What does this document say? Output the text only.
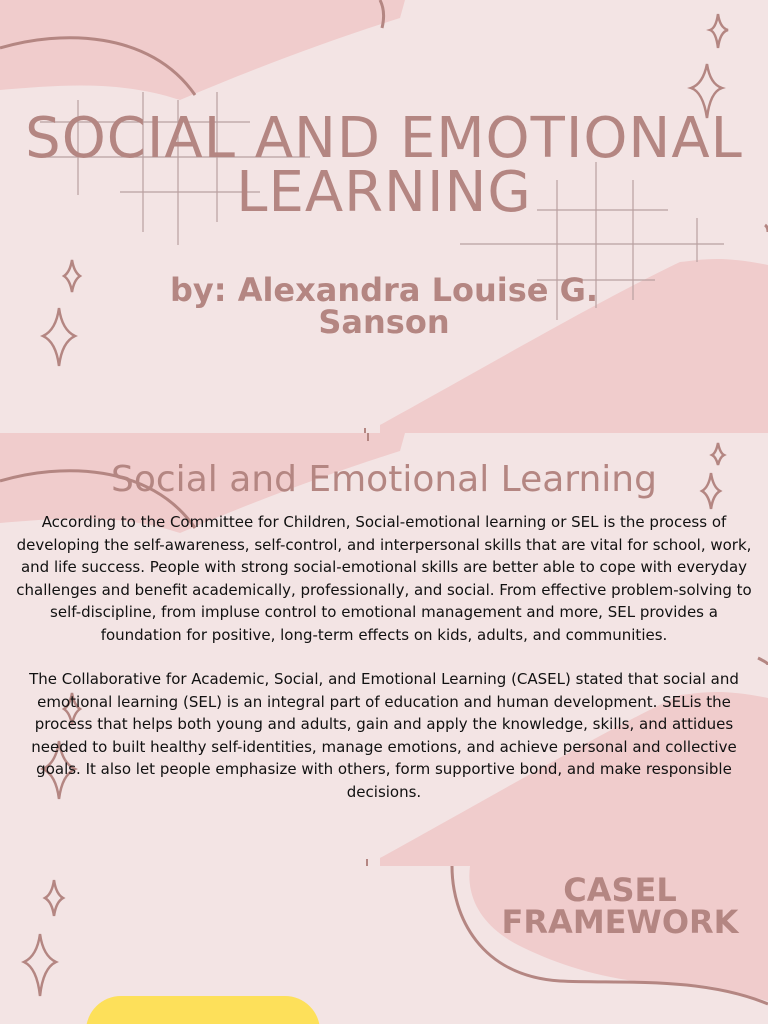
SOCIAL AND EMOTIONAL
LEARNING
by: Alexandra Louise G.
Sanson
Social and Emotional Learning

According to the Committee for Children, Social-emotional learning or SEL is the process of developing the self-awareness, self-control, and interpersonal skills that are vital for school, work, and life success. People with strong social-emotional skills are better able to cope with everyday challenges and benefit academically, professionally, and social. From effective problem-solving to self-discipline, from impluse control to emotional management and more, SEL provides a foundation for positive, long-term effects on kids, adults, and communities.

The Collaborative for Academic, Social, and Emotional Learning (CASEL) stated that social and emotional learning (SEL) is an integral part of education and human development. SELis the process that helps both young and adults, gain and apply the knowledge, skills, and attidues needed to built healthy self-identities, manage emotions, and achieve personal and collective goals. It also let people emphasize with others, form supportive bond, and make responsible decisions.

CASEL
FRAMEWORK
